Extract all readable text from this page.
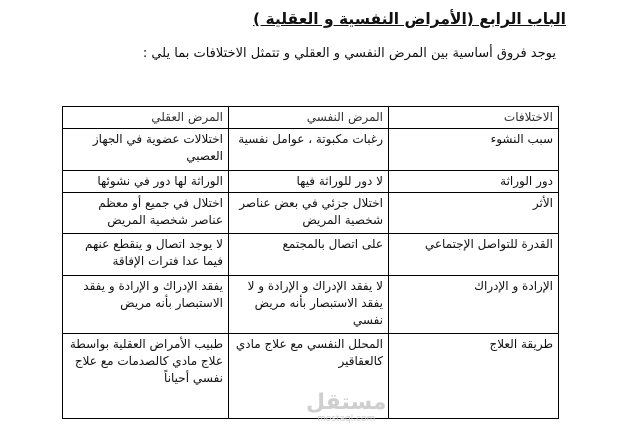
الباب الرابع (الأمراض النفسية و العقلية )
يوجد فروق أساسية بين المرض النفسي و العقلي و تتمثل الاختلافات بما يلي :
الاختلافات	المرض النفسي	المرض العقلي
سبب النشوء	رغبات مكبوتة ، عوامل نفسية	اختلالات عضوية في الجهاز العصبي
دور الوراثة	لا دور للوراثة فيها	الوراثة لها دور في نشوئها
الأثر	اختلال جزئي في بعض عناصر شخصية المريض	اختلال في جميع أو معظم عناصر شخصية المريض
القدرة للتواصل الإجتماعي	على اتصال بالمجتمع	لا يوجد اتصال و ينقطع عنهم فيما عدا فترات الإفاقة
الإرادة و الإدراك	لا يفقد الإدراك و الإرادة و لا يفقد الاستبصار بأنه مريض نفسي	يفقد الإدراك و الإرادة و يفقد الاستبصار بأنه مريض
طريقة العلاج	المحلل النفسي مع علاج مادي كالعقاقير	طبيب الأمراض العقلية بواسطة علاج مادي كالصدمات مع علاج نفسي أحياناً
مستقل
mostaql.com
